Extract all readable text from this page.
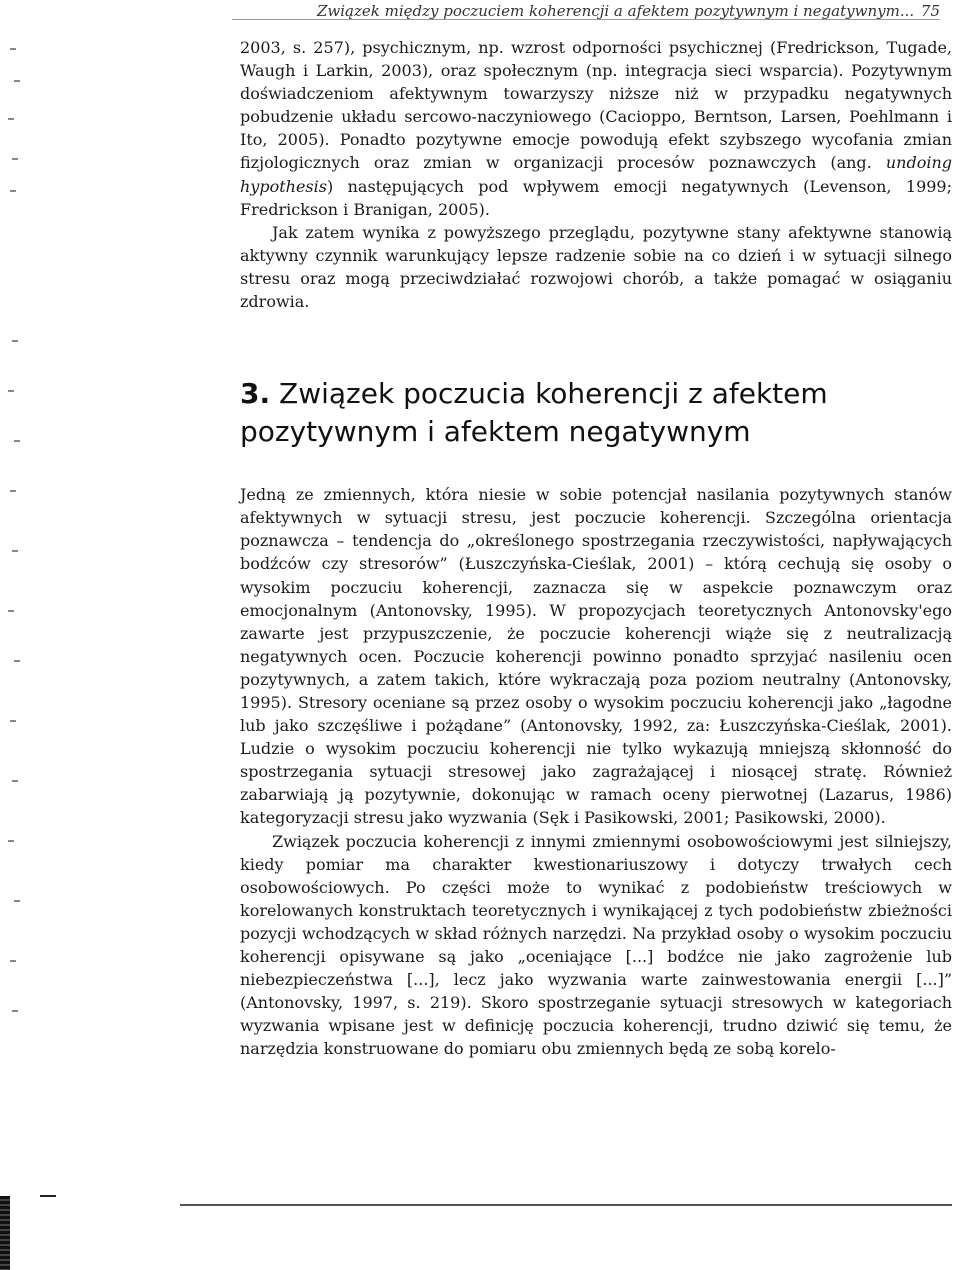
Związek między poczuciem koherencji a afektem pozytywnym i negatywnym... 75

2003, s. 257), psychicznym, np. wzrost odporności psychicznej (Fredrickson, Tugade, Waugh i Larkin, 2003), oraz społecznym (np. integracja sieci wsparcia). Pozytywnym doświadczeniom afektywnym towarzyszy niższe niż w przypadku negatywnych pobudzenie układu sercowo-naczyniowego (Cacioppo, Berntson, Larsen, Poehlmann i Ito, 2005). Ponadto pozytywne emocje powodują efekt szybszego wycofania zmian fizjologicznych oraz zmian w organizacji procesów poznawczych (ang. undoing hypothesis) następujących pod wpływem emocji negatywnych (Levenson, 1999; Fredrickson i Branigan, 2005).

Jak zatem wynika z powyższego przeglądu, pozytywne stany afektywne stanowią aktywny czynnik warunkujący lepsze radzenie sobie na co dzień i w sytuacji silnego stresu oraz mogą przeciwdziałać rozwojowi chorób, a także pomagać w osiąganiu zdrowia.

3. Związek poczucia koherencji z afektem pozytywnym i afektem negatywnym

Jedną ze zmiennych, która niesie w sobie potencjał nasilania pozytywnych stanów afektywnych w sytuacji stresu, jest poczucie koherencji. Szczególna orientacja poznawcza – tendencja do „określonego spostrzegania rzeczywistości, napływających bodźców czy stresorów” (Łuszczyńska-Cieślak, 2001) – którą cechują się osoby o wysokim poczuciu koherencji, zaznacza się w aspekcie poznawczym oraz emocjonalnym (Antonovsky, 1995). W propozycjach teoretycznych Antonovsky'ego zawarte jest przypuszczenie, że poczucie koherencji wiąże się z neutralizacją negatywnych ocen. Poczucie koherencji powinno ponadto sprzyjać nasileniu ocen pozytywnych, a zatem takich, które wykraczają poza poziom neutralny (Antonovsky, 1995). Stresory oceniane są przez osoby o wysokim poczuciu koherencji jako „łagodne lub jako szczęśliwe i pożądane” (Antonovsky, 1992, za: Łuszczyńska-Cieślak, 2001). Ludzie o wysokim poczuciu koherencji nie tylko wykazują mniejszą skłonność do spostrzegania sytuacji stresowej jako zagrażającej i niosącej stratę. Również zabarwiają ją pozytywnie, dokonując w ramach oceny pierwotnej (Lazarus, 1986) kategoryzacji stresu jako wyzwania (Sęk i Pasikowski, 2001; Pasikowski, 2000).

Związek poczucia koherencji z innymi zmiennymi osobowościowymi jest silniejszy, kiedy pomiar ma charakter kwestionariuszowy i dotyczy trwałych cech osobowościowych. Po części może to wynikać z podobieństw treściowych w korelowanych konstruktach teoretycznych i wynikającej z tych podobieństw zbieżności pozycji wchodzących w skład różnych narzędzi. Na przykład osoby o wysokim poczuciu koherencji opisywane są jako „oceniające [...] bodźce nie jako zagrożenie lub niebezpieczeństwa [...], lecz jako wyzwania warte zainwestowania energii [...]” (Antonovsky, 1997, s. 219). Skoro spostrzeganie sytuacji stresowych w kategoriach wyzwania wpisane jest w definicję poczucia koherencji, trudno dziwić się temu, że narzędzia konstruowane do pomiaru obu zmiennych będą ze sobą korelo-
